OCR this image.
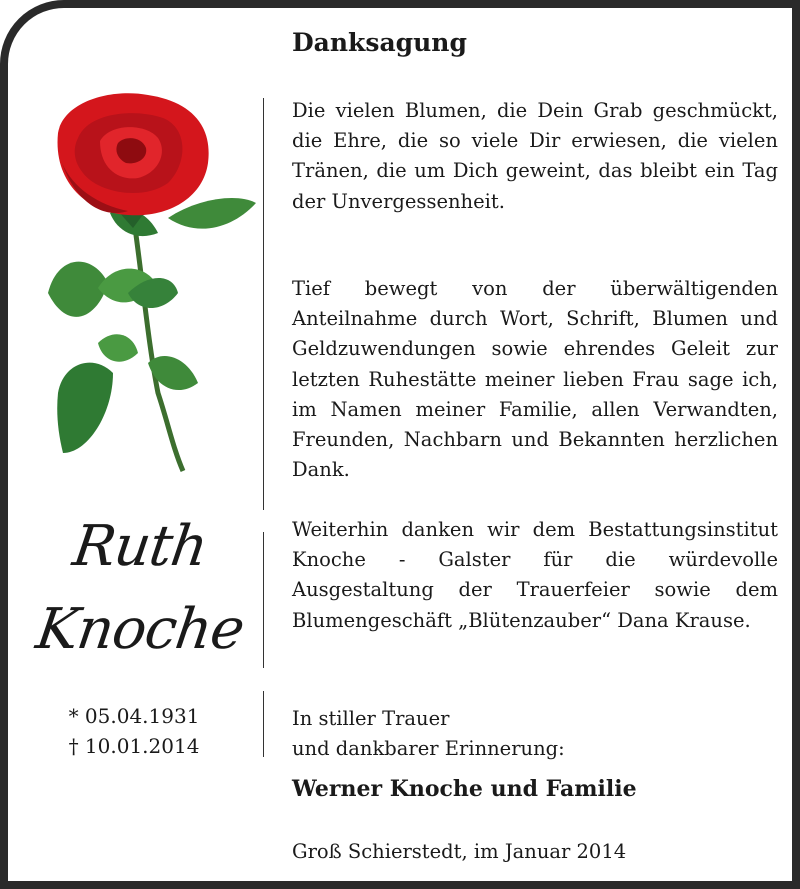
Ruth
Knoche
* 05.04.1931
† 10.01.2014
Danksagung

Die vielen Blumen, die Dein Grab geschmückt, die Ehre, die so viele Dir erwiesen, die vielen Tränen, die um Dich geweint, das bleibt ein Tag der Unvergessenheit.

Tief bewegt von der überwältigenden Anteilnahme durch Wort, Schrift, Blumen und Geldzuwendungen sowie ehrendes Geleit zur letzten Ruhestätte meiner lieben Frau sage ich, im Namen meiner Familie, allen Verwandten, Freunden, Nachbarn und Bekannten herzlichen Dank.

Weiterhin danken wir dem Bestattungsinstitut Knoche - Galster für die würdevolle Ausgestaltung der Trauerfeier sowie dem Blumengeschäft „Blütenzauber“ Dana Krause.

In stiller Trauer
und dankbarer Erinnerung:

Werner Knoche und Familie
Groß Schierstedt, im Januar 2014
